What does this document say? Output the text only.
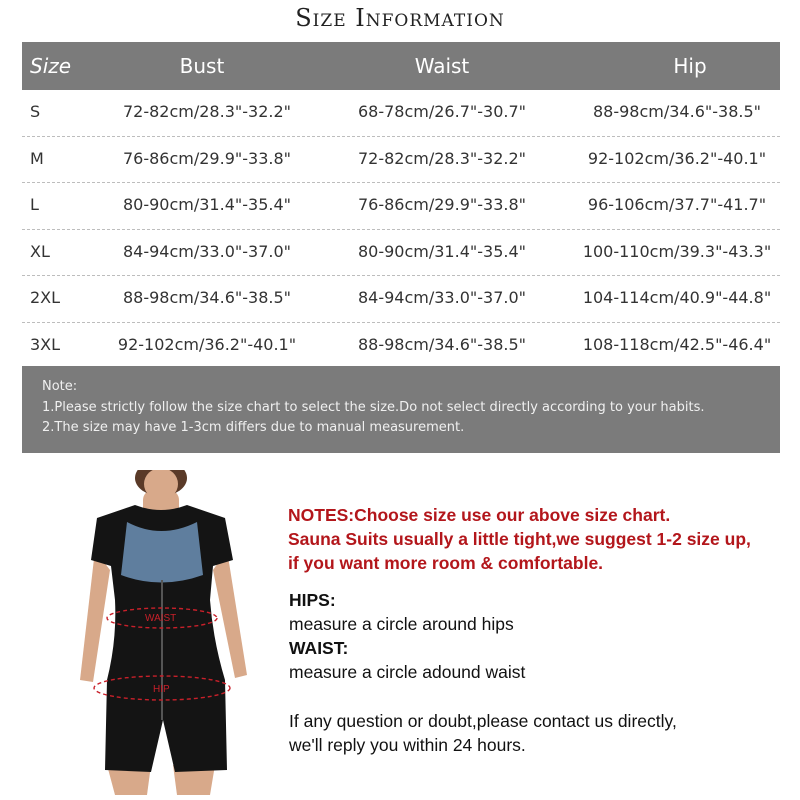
Size Information
Size	Bust	Waist	Hip
S	72-82cm/28.3"-32.2"	68-78cm/26.7"-30.7"	88-98cm/34.6"-38.5"
M	76-86cm/29.9"-33.8"	72-82cm/28.3"-32.2"	92-102cm/36.2"-40.1"
L	80-90cm/31.4"-35.4"	76-86cm/29.9"-33.8"	96-106cm/37.7"-41.7"
XL	84-94cm/33.0"-37.0"	80-90cm/31.4"-35.4"	100-110cm/39.3"-43.3"
2XL	88-98cm/34.6"-38.5"	84-94cm/33.0"-37.0"	104-114cm/40.9"-44.8"
3XL	92-102cm/36.2"-40.1"	88-98cm/34.6"-38.5"	108-118cm/42.5"-46.4"
Note:
1.Please strictly follow the size chart to select the size.Do not select directly according to your habits.
2.The size may have 1-3cm differs due to manual measurement.
WAIST
HIP
NOTES:Choose size use our above size chart.
Sauna Suits usually a little tight,we suggest 1-2 size up,
if you want more room & comfortable.
HIPS:
measure a circle around hips
WAIST:
measure a circle adound waist
If any question or doubt,please contact us directly,
we'll reply you within 24 hours.
